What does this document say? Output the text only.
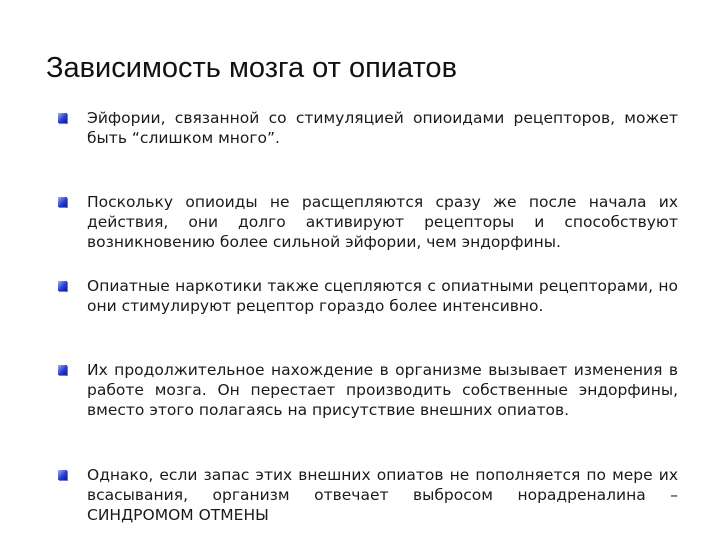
Зависимость мозга от опиатов
Эйфории, связанной со стимуляцией опиоидами рецепторов, может быть “слишком много”.
Поскольку опиоиды не расщепляются сразу же после начала их действия, они долго активируют рецепторы и способствуют возникновению более сильной эйфории, чем эндорфины.
Опиатные наркотики также сцепляются с опиатными рецепторами, но они стимулируют рецептор гораздо более интенсивно.
Их продолжительное нахождение в организме вызывает изменения в работе мозга. Он перестает производить собственные эндорфины, вместо этого полагаясь на присутствие внешних опиатов.
Однако, если запас этих внешних опиатов не пополняется по мере их всасывания, организм отвечает выбросом норадреналина – СИНДРОМОМ ОТМЕНЫ
